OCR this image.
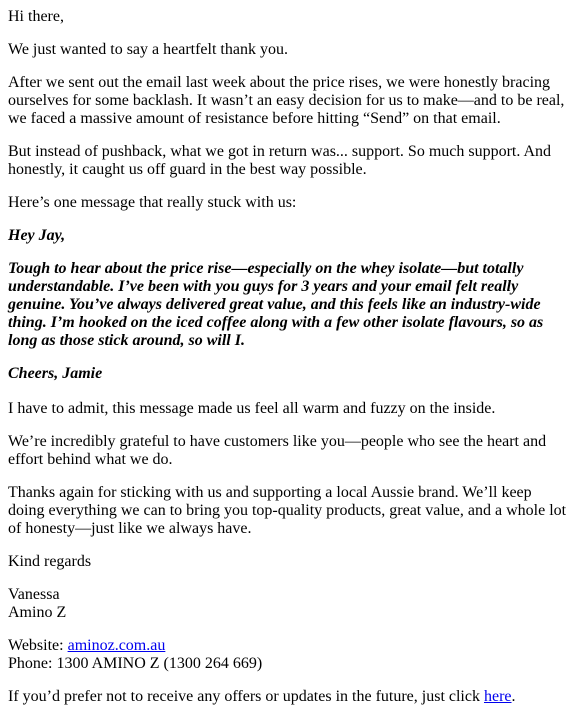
Hi there,

We just wanted to say a heartfelt thank you.

After we sent out the email last week about the price rises, we were honestly bracing ourselves for some backlash. It wasn’t an easy decision for us to make—and to be real, we faced a massive amount of resistance before hitting “Send” on that email.

But instead of pushback, what we got in return was... support. So much support. And honestly, it caught us off guard in the best way possible.

Here’s one message that really stuck with us:

Hey Jay,

Tough to hear about the price rise—especially on the whey isolate—but totally understandable. I’ve been with you guys for 3 years and your email felt really genuine. You’ve always delivered great value, and this feels like an industry-wide thing. I’m hooked on the iced coffee along with a few other isolate flavours, so as long as those stick around, so will I.

Cheers, Jamie

I have to admit, this message made us feel all warm and fuzzy on the inside.

We’re incredibly grateful to have customers like you—people who see the heart and effort behind what we do.

Thanks again for sticking with us and supporting a local Aussie brand. We’ll keep doing everything we can to bring you top-quality products, great value, and a whole lot of honesty—just like we always have.

Kind regards

Vanessa
Amino Z

Website: aminoz.com.au
Phone: 1300 AMINO Z (1300 264 669)

If you’d prefer not to receive any offers or updates in the future, just click here.
